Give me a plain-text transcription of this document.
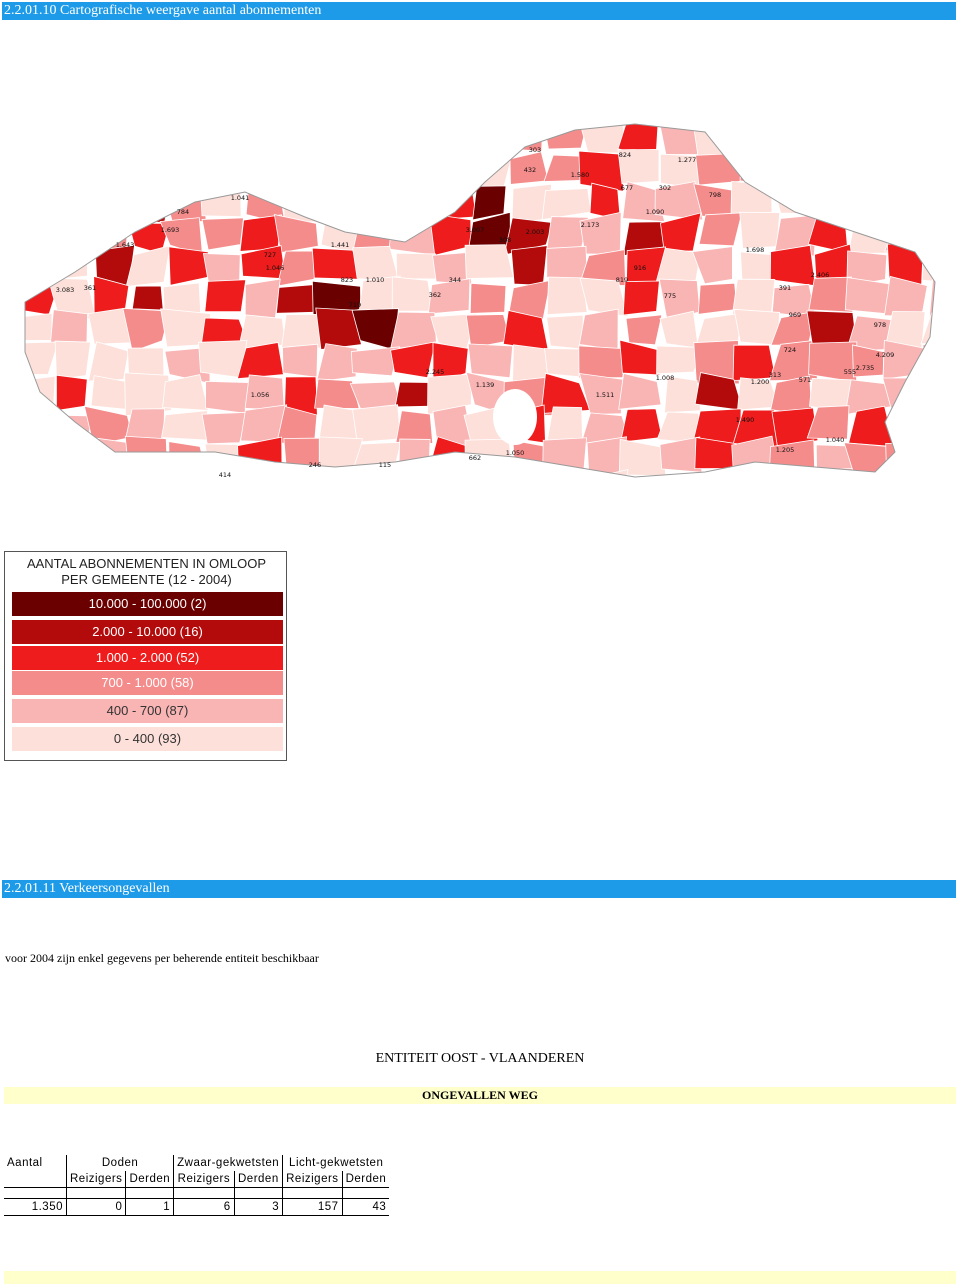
2.2.01.10 Cartografische weergave aantal abonnementen
303
432
824
1.277
1.580
677	302
798
1.041
784
1.693	3.007	2.003
2.173
1.090
308
1.643	1.441
916
1.698
727
1.046
823 1.010
719
362
344
2.406
3.083 361
819
775
391
724
969
4.209
2.735
1.490
1.205
1.040
313
414
246	115
662
1.050
1.200	571
555
978
2.245
1.139
1.511
1.008
1.056
AANTAL ABONNEMENTEN IN OMLOOP
PER GEMEENTE (12 - 2004)
10.000 - 100.000 (2)
2.000 - 10.000 (16)
1.000 - 2.000 (52)
700 - 1.000 (58)
400 - 700 (87)
0 - 400 (93)
2.2.01.11 Verkeersongevallen
voor 2004 zijn enkel gegevens per beherende entiteit beschikbaar
ENTITEIT OOST - VLAANDEREN
ONGEVALLEN WEG
Aantal	Doden		Zwaar-gekwetsten		Licht-gekwetsten	
	Reizigers	Derden	Reizigers	Derden	Reizigers	Derden

1.350	0	1	6	3	157	43
